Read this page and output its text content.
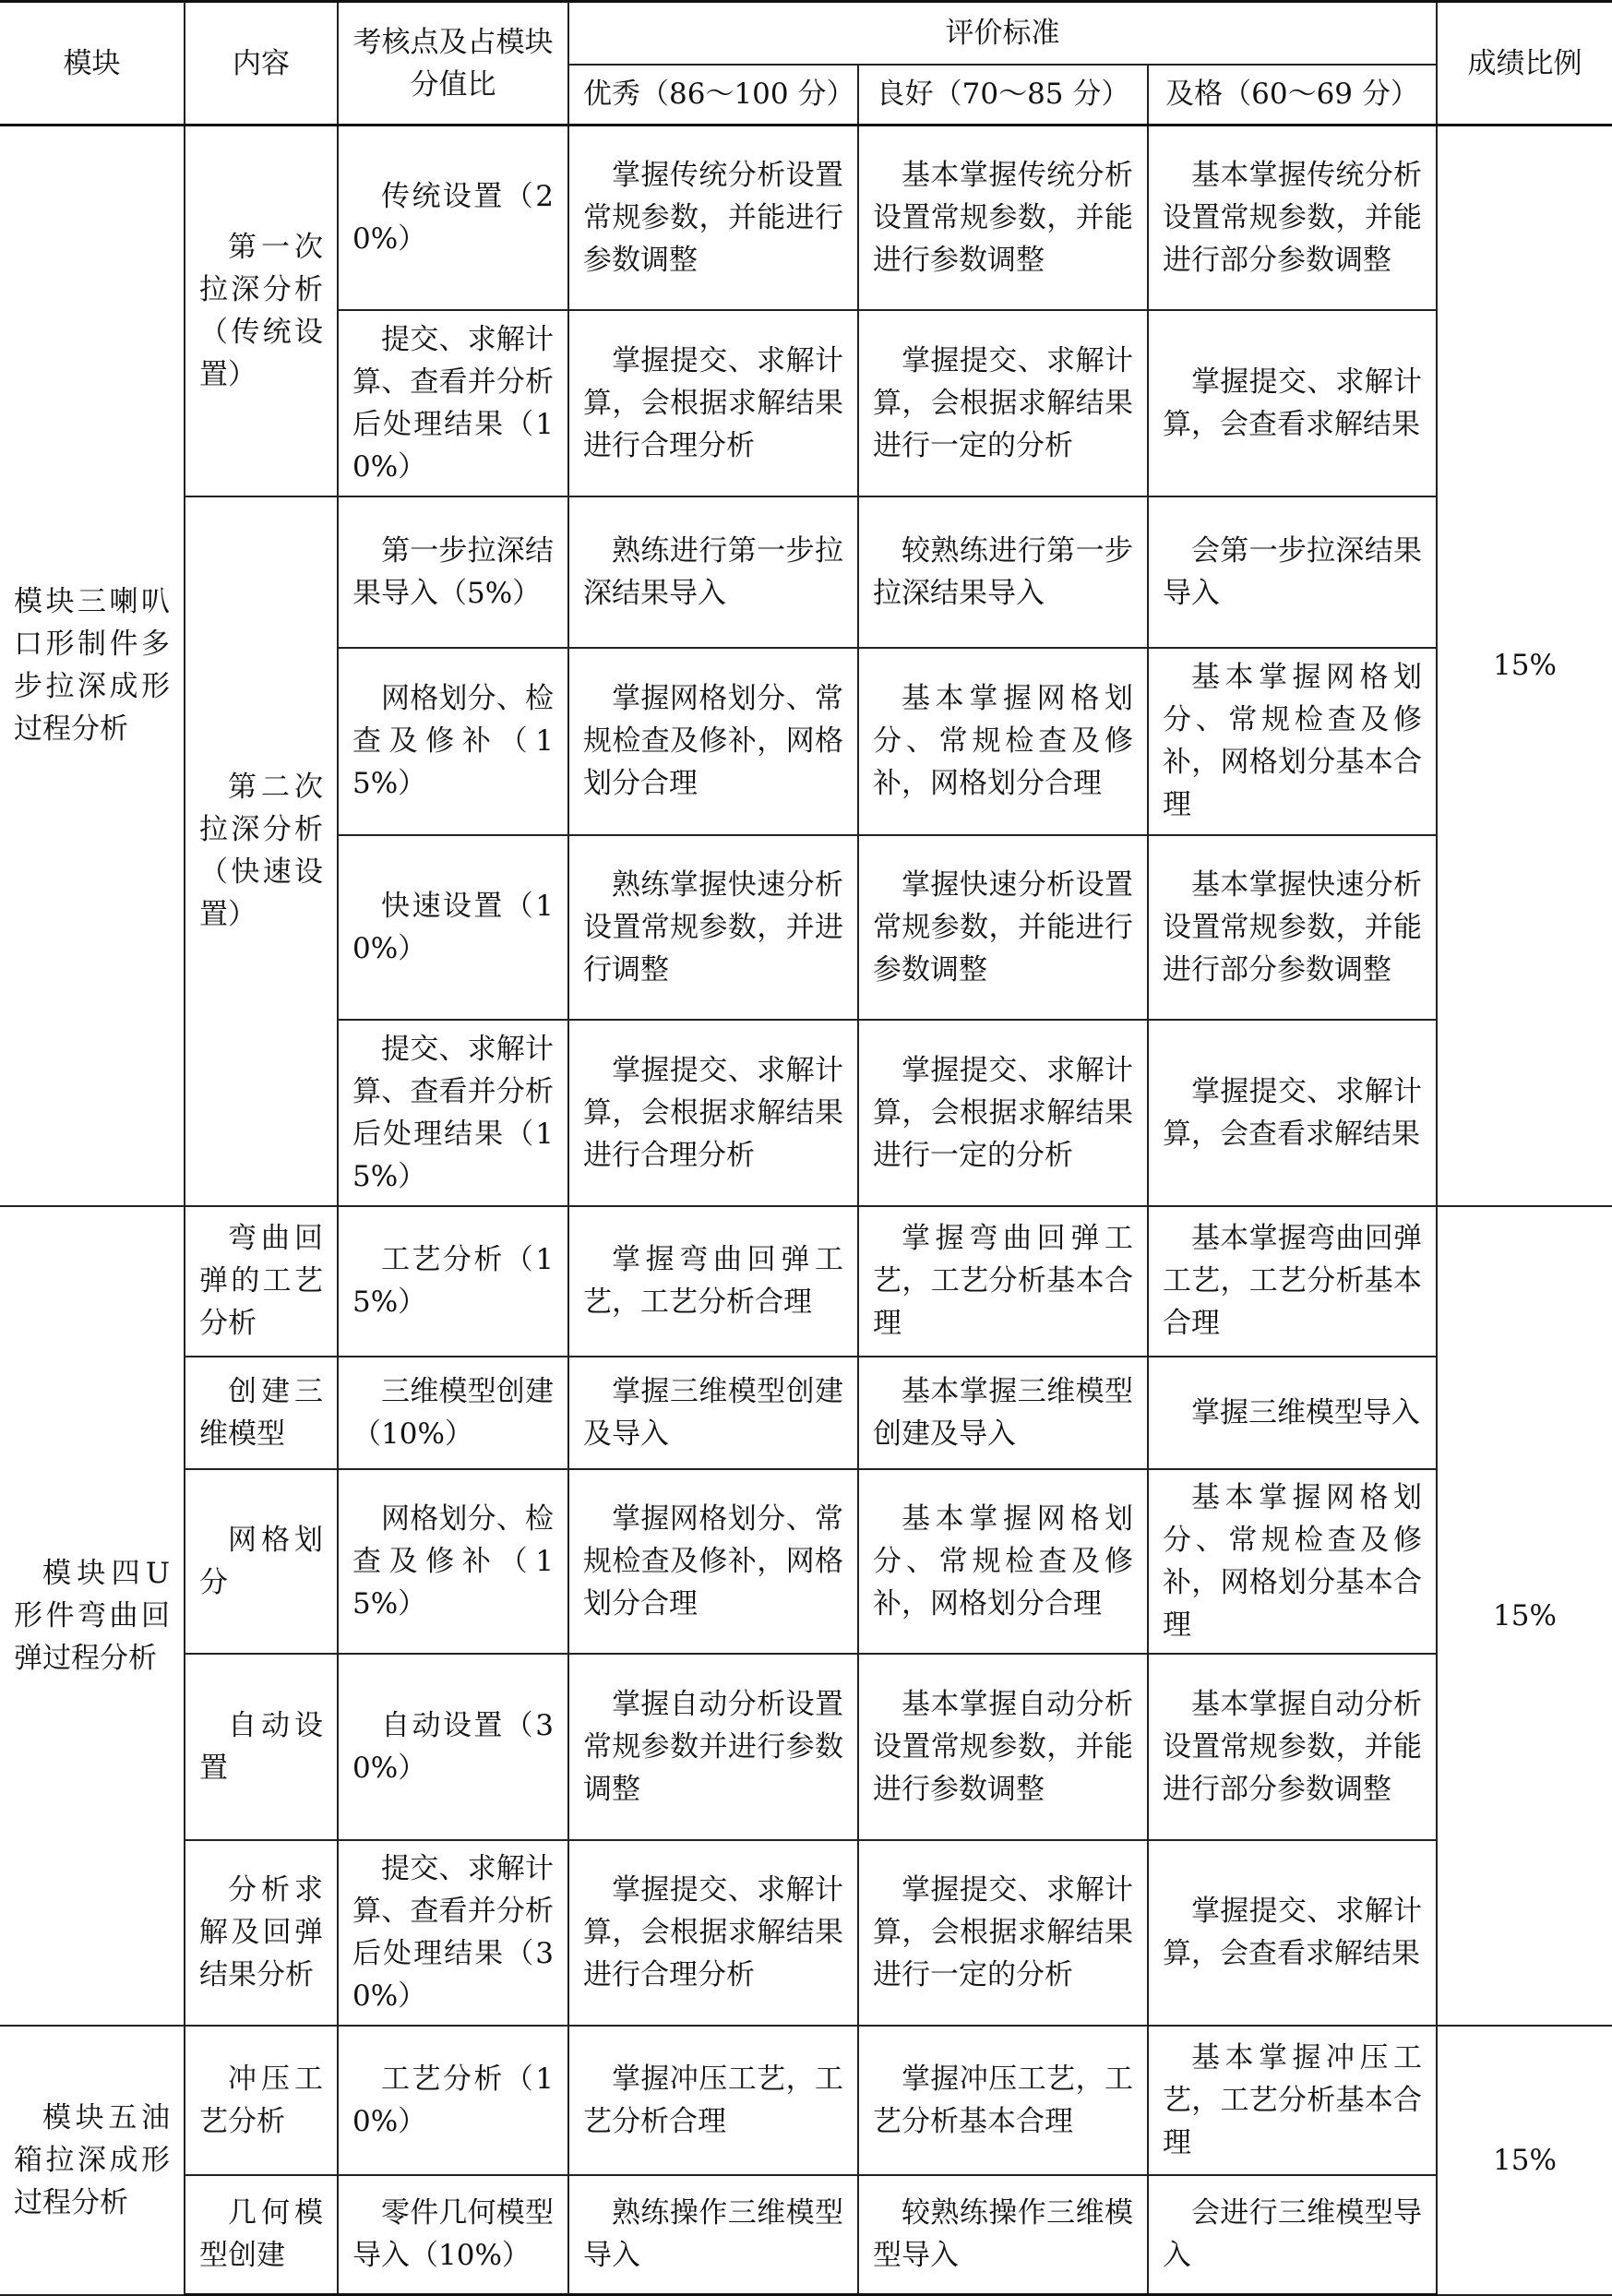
模块	内容	考核点及占模块分值比	评价标准			成绩比例
			优秀（86～100 分）	良好（70～85 分）	及格（60～69 分）	
模块三喇叭口形制件多步拉深成形过程分析	第一次拉深分析（传统设置）	传统设置（20%）	掌握传统分析设置常规参数，并能进行参数调整	基本掌握传统分析设置常规参数，并能进行参数调整	基本掌握传统分析设置常规参数，并能进行部分参数调整	15%
		提交、求解计算、查看并分析后处理结果（10%）	掌握提交、求解计算，会根据求解结果进行合理分析	掌握提交、求解计算，会根据求解结果进行一定的分析	掌握提交、求解计算，会查看求解结果	
	第二次拉深分析（快速设置）	第一步拉深结果导入（5%）	熟练进行第一步拉深结果导入	较熟练进行第一步拉深结果导入	会第一步拉深结果导入	
		网格划分、检查及修补（15%）	掌握网格划分、常规检查及修补，网格划分合理	基本掌握网格划分、常规检查及修补，网格划分合理	基本掌握网格划分、常规检查及修补，网格划分基本合理	
		快速设置（10%）	熟练掌握快速分析设置常规参数，并进行调整	掌握快速分析设置常规参数，并能进行参数调整	基本掌握快速分析设置常规参数，并能进行部分参数调整	
		提交、求解计算、查看并分析后处理结果（15%）	掌握提交、求解计算，会根据求解结果进行合理分析	掌握提交、求解计算，会根据求解结果进行一定的分析	掌握提交、求解计算，会查看求解结果	
模块四U形件弯曲回弹过程分析	弯曲回弹的工艺分析	工艺分析（15%）	掌握弯曲回弹工艺，工艺分析合理	掌握弯曲回弹工艺，工艺分析基本合理	基本掌握弯曲回弹工艺，工艺分析基本合理	15%
	创建三维模型	三维模型创建（10%）	掌握三维模型创建及导入	基本掌握三维模型创建及导入	掌握三维模型导入	
	网格划分	网格划分、检查及修补（15%）	掌握网格划分、常规检查及修补，网格划分合理	基本掌握网格划分、常规检查及修补，网格划分合理	基本掌握网格划分、常规检查及修补，网格划分基本合理	
	自动设置	自动设置（30%）	掌握自动分析设置常规参数并进行参数调整	基本掌握自动分析设置常规参数，并能进行参数调整	基本掌握自动分析设置常规参数，并能进行部分参数调整	
	分析求解及回弹结果分析	提交、求解计算、查看并分析后处理结果（30%）	掌握提交、求解计算，会根据求解结果进行合理分析	掌握提交、求解计算，会根据求解结果进行一定的分析	掌握提交、求解计算，会查看求解结果	
模块五油箱拉深成形过程分析	冲压工艺分析	工艺分析（10%）	掌握冲压工艺，工艺分析合理	掌握冲压工艺，工艺分析基本合理	基本掌握冲压工艺，工艺分析基本合理	15%
	几何模型创建	零件几何模型导入（10%）	熟练操作三维模型导入	较熟练操作三维模型导入	会进行三维模型导入	
